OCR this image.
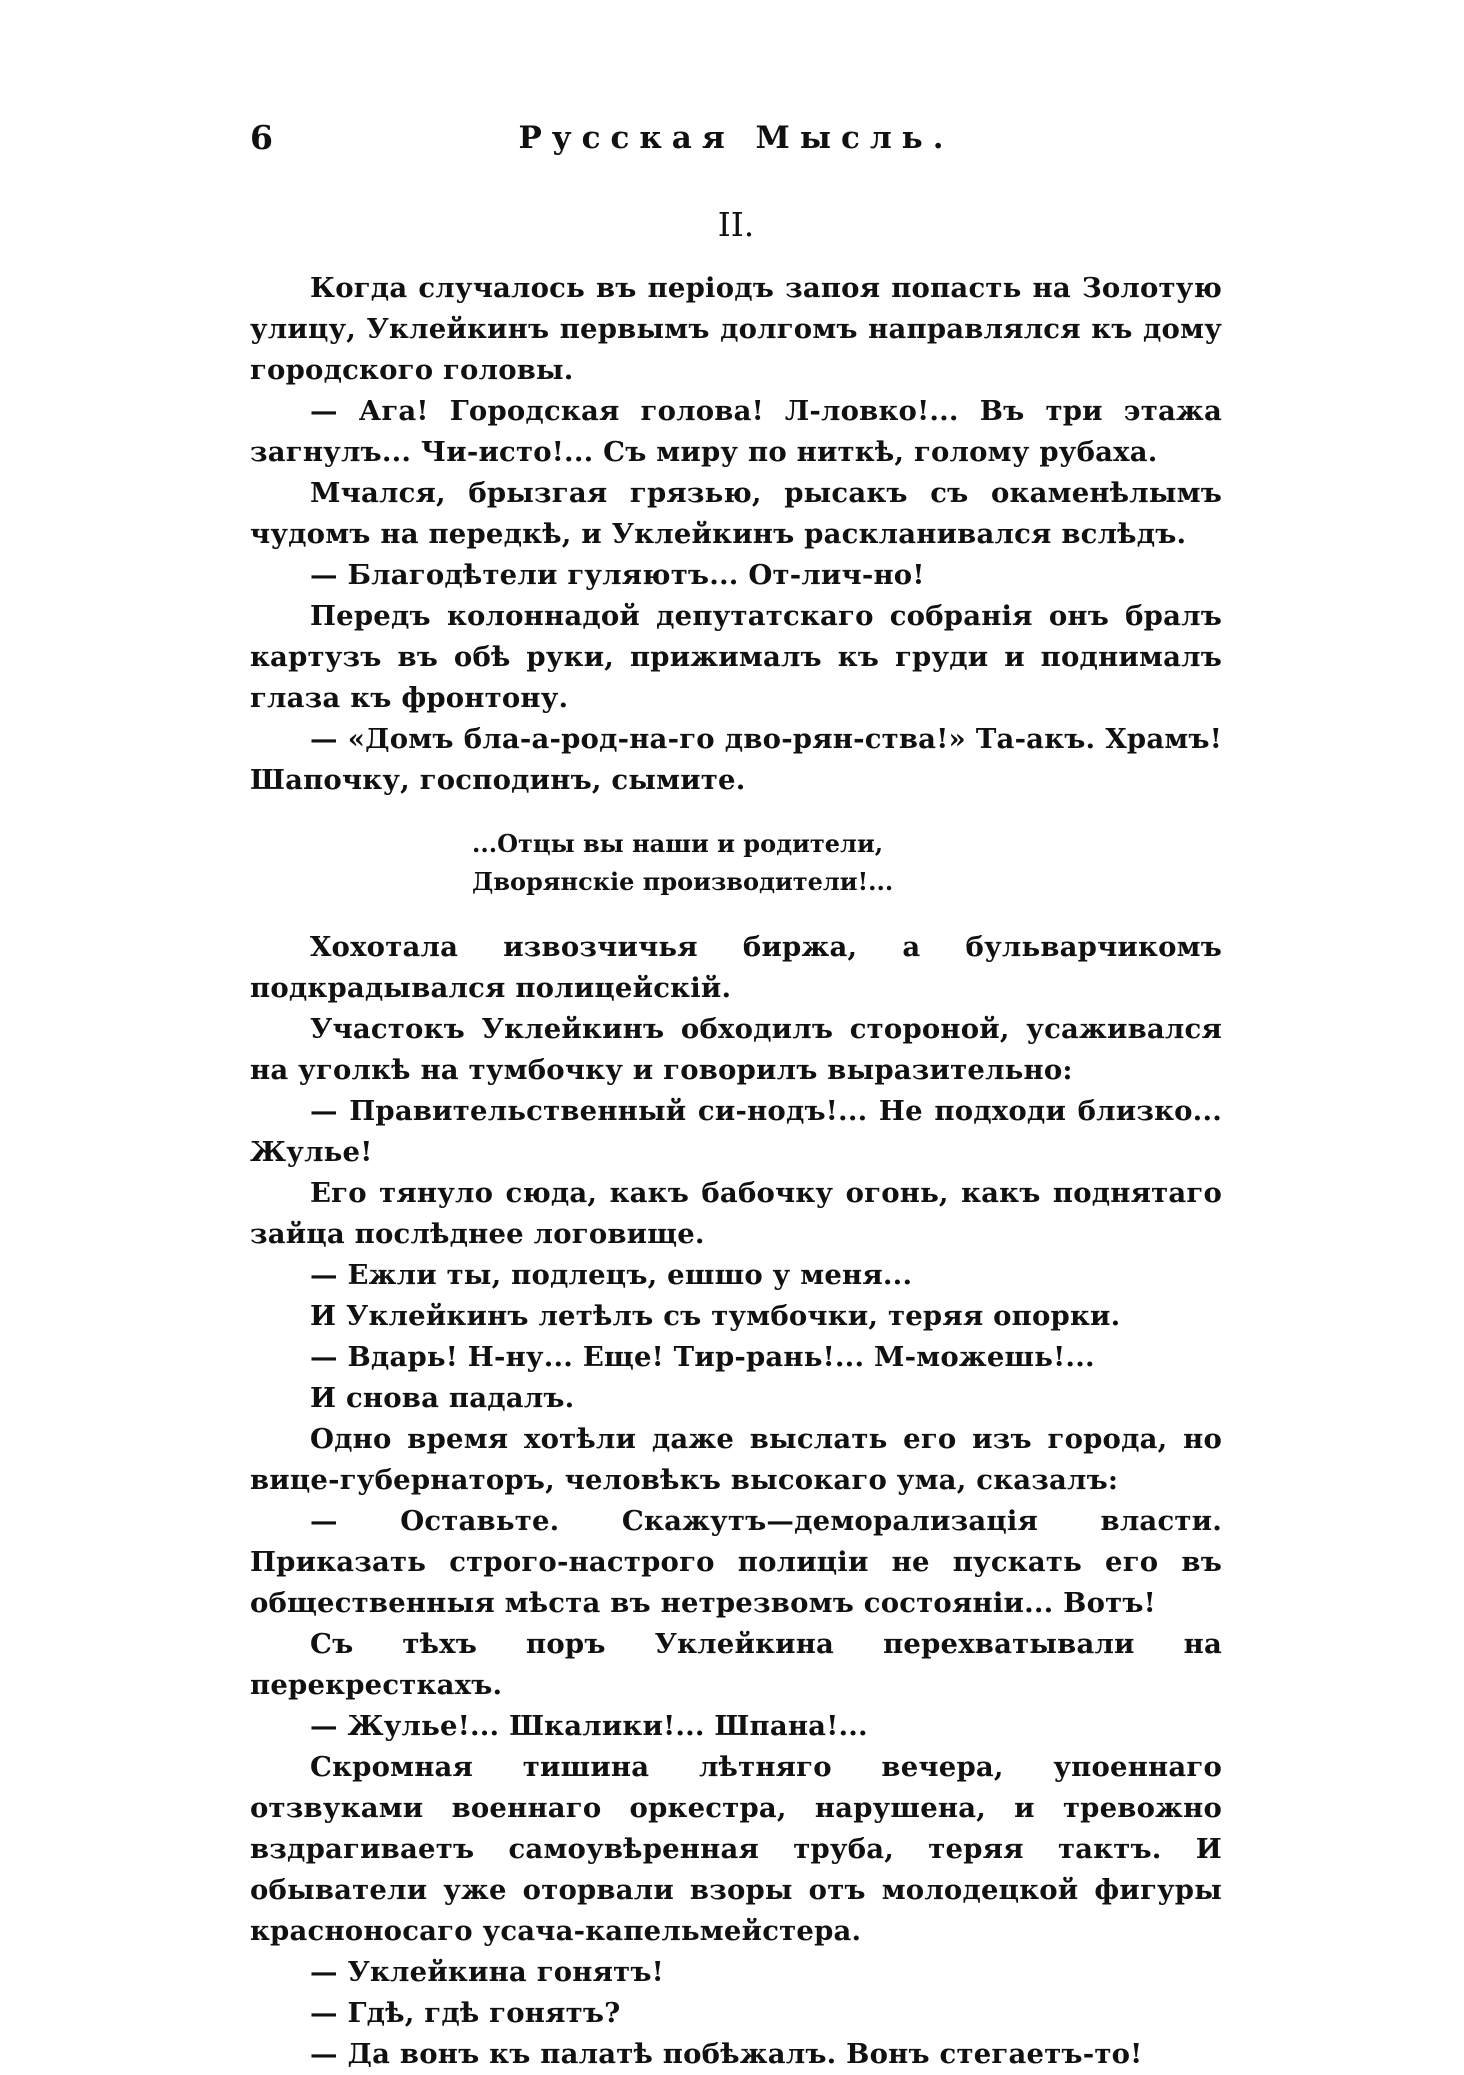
6	Русская Мысль.
II.

Когда случалось въ періодъ запоя попасть на Золотую улицу, Уклейкинъ первымъ долгомъ направлялся къ дому городского головы.

— Ага! Городская голова! Л-ловко!... Въ три этажа загнулъ... Чи-исто!... Съ миру по ниткѣ, голому рубаха.

Мчался, брызгая грязью, рысакъ съ окаменѣлымъ чудомъ на передкѣ, и Уклейкинъ раскланивался вслѣдъ.

— Благодѣтели гуляютъ... От-лич-но!

Передъ колоннадой депутатскаго собранія онъ бралъ картузъ въ обѣ руки, прижималъ къ груди и поднималъ глаза къ фронтону.

— «Домъ бла-а-род-на-го дво-рян-ства!» Та-акъ. Храмъ! Шапочку, господинъ, сымите.

...Отцы вы наши и родители,
Дворянскіе производители!...

Хохотала извозчичья биржа, а бульварчикомъ подкрадывался полицейскій.

Участокъ Уклейкинъ обходилъ стороной, усаживался на уголкѣ на тумбочку и говорилъ выразительно:

— Правительственный си-нодъ!... Не подходи близко... Жулье!

Его тянуло сюда, какъ бабочку огонь, какъ поднятаго зайца послѣднее логовище.

— Ежли ты, подлецъ, ешшо у меня...

И Уклейкинъ летѣлъ съ тумбочки, теряя опорки.

— Вдарь! Н-ну... Еще! Тир-рань!... М-можешь!...

И снова падалъ.

Одно время хотѣли даже выслать его изъ города, но вице-губернаторъ, человѣкъ высокаго ума, сказалъ:

— Оставьте. Скажутъ—деморализація власти. Приказать строго-настрого полиціи не пускать его въ общественныя мѣста въ нетрезвомъ состояніи... Вотъ!

Съ тѣхъ поръ Уклейкина перехватывали на перекресткахъ.

— Жулье!... Шкалики!... Шпана!...

Скромная тишина лѣтняго вечера, упоеннаго отзвуками военнаго оркестра, нарушена, и тревожно вздрагиваетъ самоувѣренная труба, теряя тактъ. И обыватели уже оторвали взоры отъ молодецкой фигуры красноносаго усача-капельмейстера.

— Уклейкина гонятъ!

— Гдѣ, гдѣ гонятъ?

— Да вонъ къ палатѣ побѣжалъ. Вонъ стегаетъ-то!
